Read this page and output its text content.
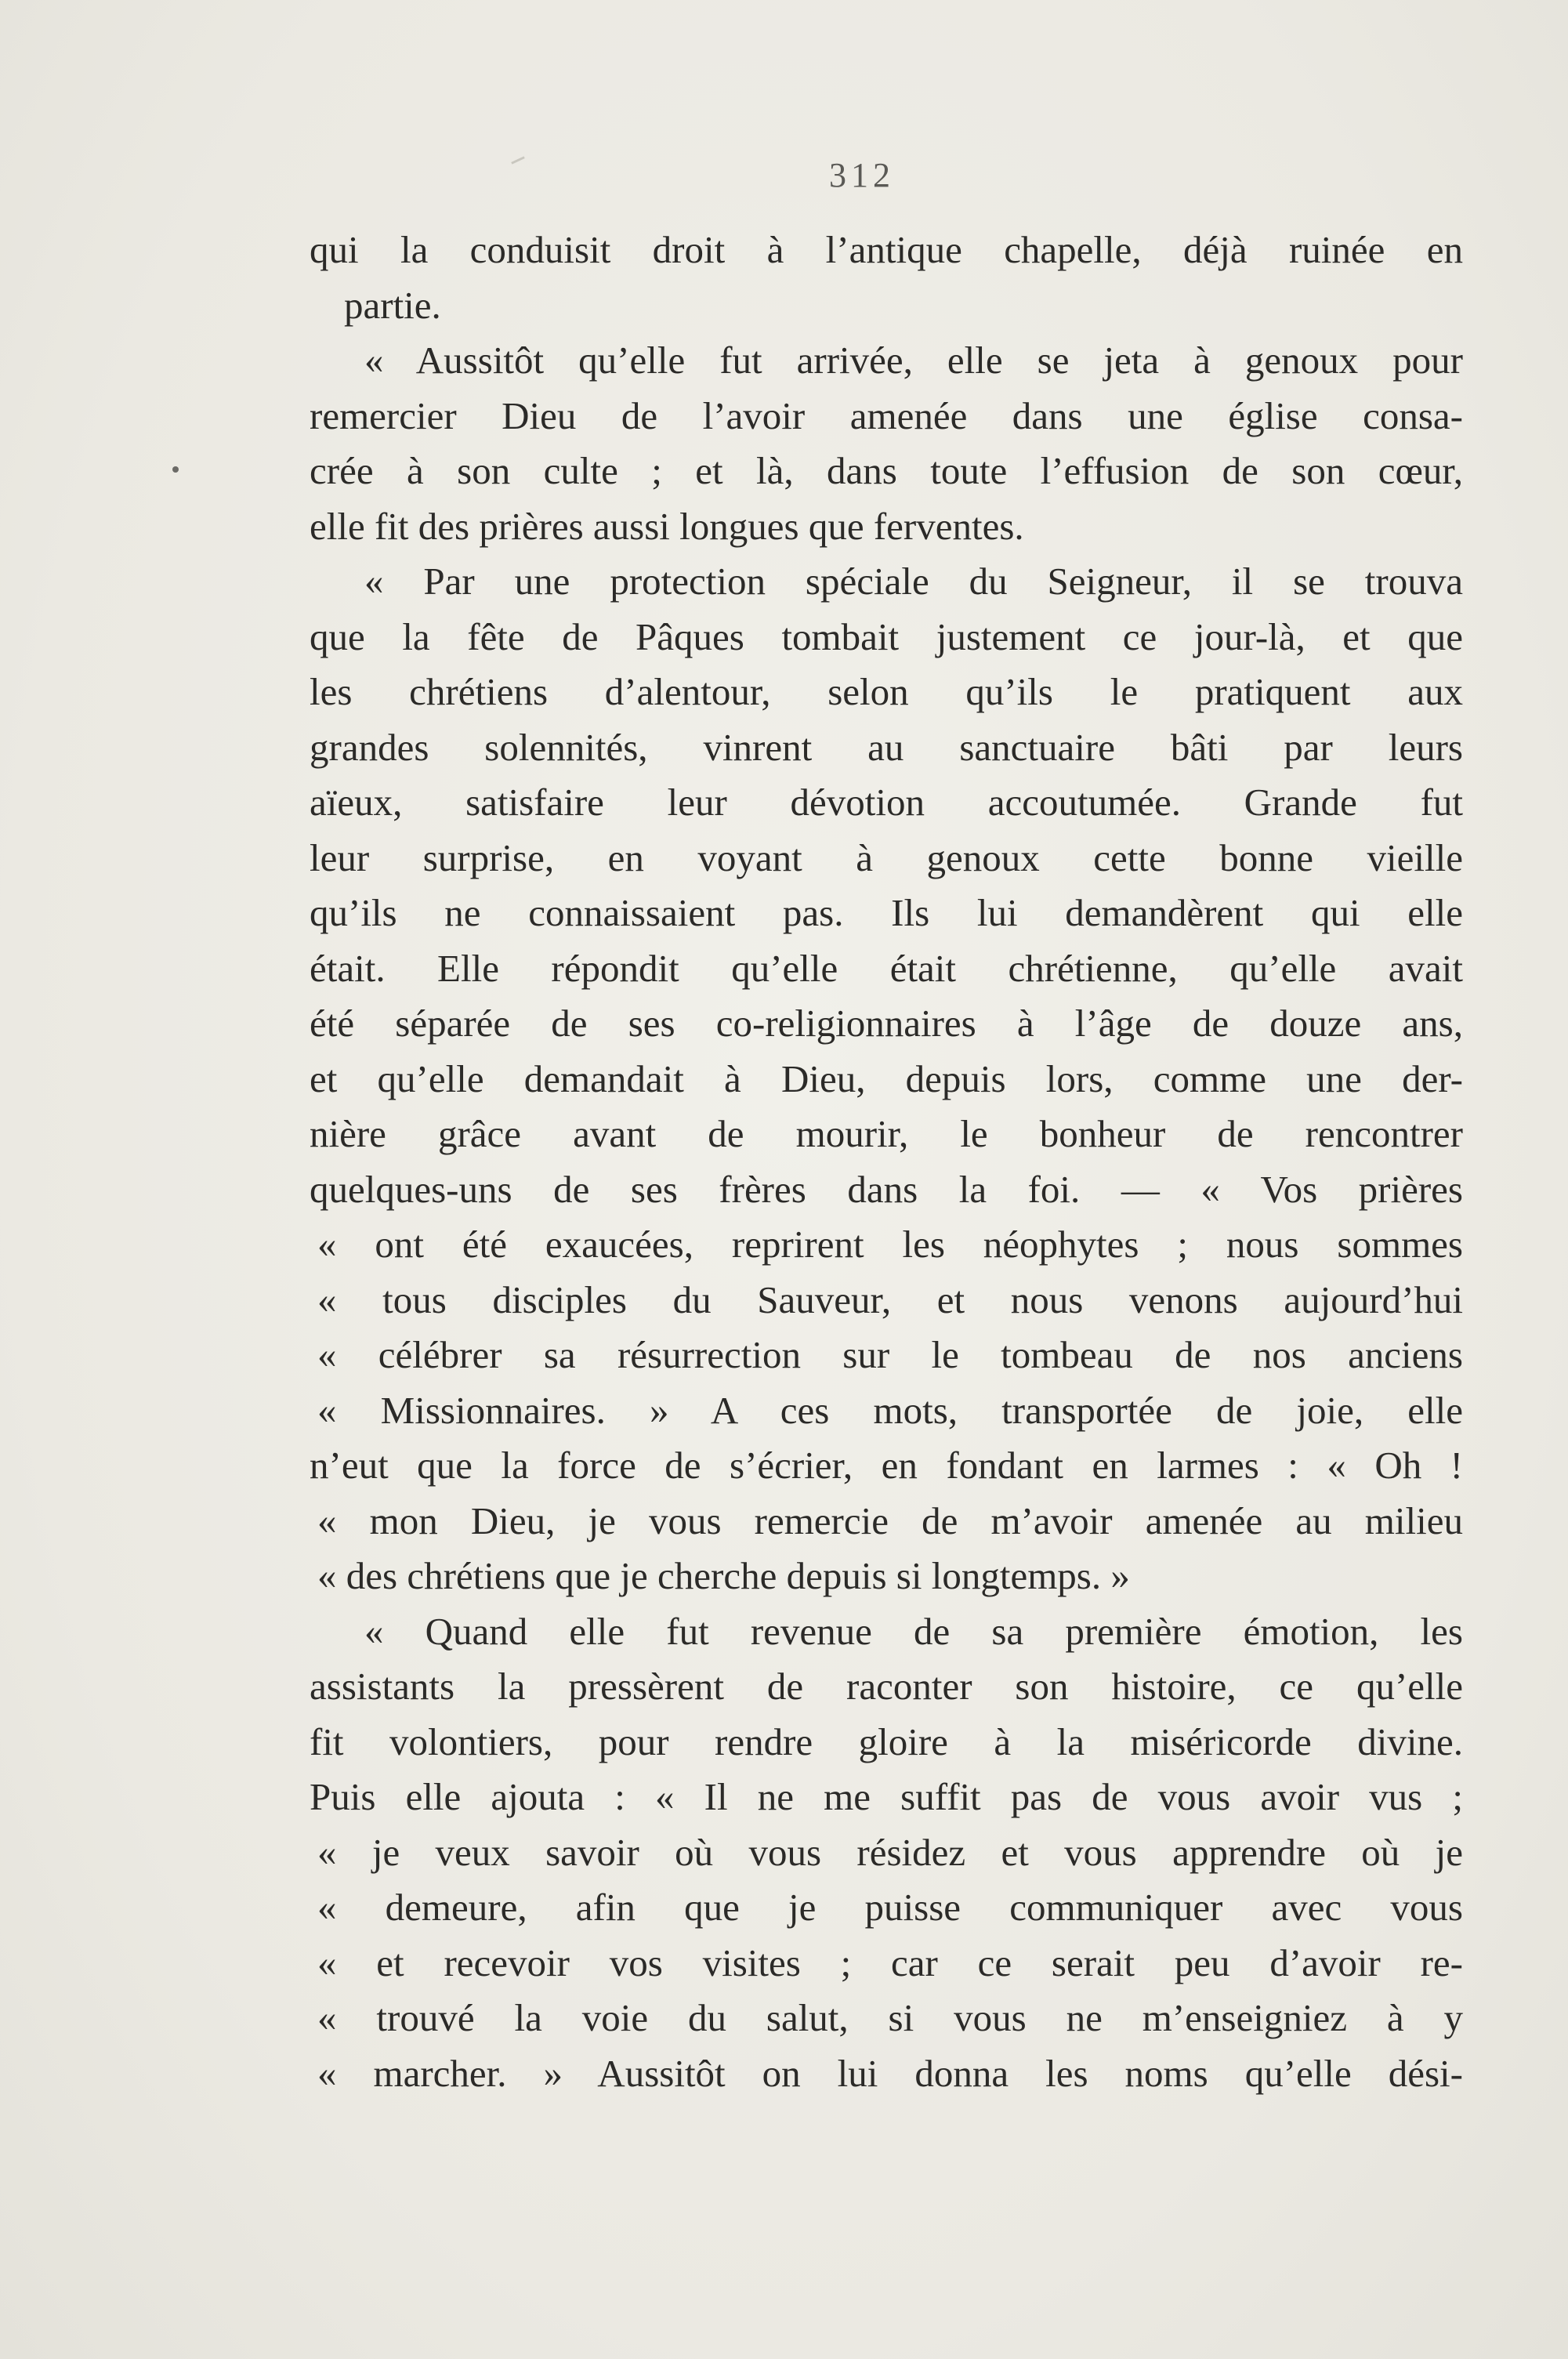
312
qui la conduisit droit à l’antique chapelle, déjà ruinée en
partie.
« Aussitôt qu’elle fut arrivée, elle se jeta à genoux pour
remercier Dieu de l’avoir amenée dans une église consa-
crée à son culte ; et là, dans toute l’effusion de son cœur,
elle fit des prières aussi longues que ferventes.
« Par une protection spéciale du Seigneur, il se trouva
que la fête de Pâques tombait justement ce jour-là, et que
les chrétiens d’alentour, selon qu’ils le pratiquent aux
grandes solennités, vinrent au sanctuaire bâti par leurs
aïeux, satisfaire leur dévotion accoutumée. Grande fut
leur surprise, en voyant à genoux cette bonne vieille
qu’ils ne connaissaient pas. Ils lui demandèrent qui elle
était. Elle répondit qu’elle était chrétienne, qu’elle avait
été séparée de ses co-religionnaires à l’âge de douze ans,
et qu’elle demandait à Dieu, depuis lors, comme une der-
nière grâce avant de mourir, le bonheur de rencontrer
quelques-uns de ses frères dans la foi. — « Vos prières
« ont été exaucées, reprirent les néophytes ; nous sommes
« tous disciples du Sauveur, et nous venons aujourd’hui
« célébrer sa résurrection sur le tombeau de nos anciens
« Missionnaires. » A ces mots, transportée de joie, elle
n’eut que la force de s’écrier, en fondant en larmes : « Oh !
« mon Dieu, je vous remercie de m’avoir amenée au milieu
« des chrétiens que je cherche depuis si longtemps. »
« Quand elle fut revenue de sa première émotion, les
assistants la pressèrent de raconter son histoire, ce qu’elle
fit volontiers, pour rendre gloire à la miséricorde divine.
Puis elle ajouta : « Il ne me suffit pas de vous avoir vus ;
« je veux savoir où vous résidez et vous apprendre où je
« demeure, afin que je puisse communiquer avec vous
« et recevoir vos visites ; car ce serait peu d’avoir re-
« trouvé la voie du salut, si vous ne m’enseigniez à y
« marcher. » Aussitôt on lui donna les noms qu’elle dési-
